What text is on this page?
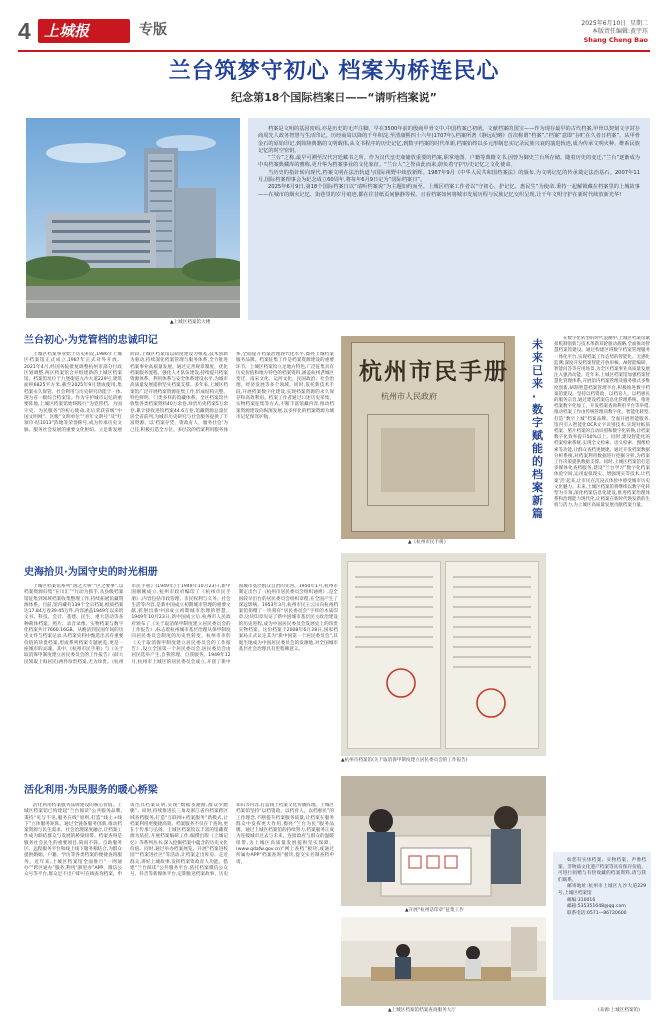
4 上城报	专版	2025年6月10日 星期二
本版责任编辑:黄宇珏
Shang Cheng Bao
兰台筑梦守初心 档案为桥连民心
纪念第18个国际档案日——“请听档案说”
▲上城区档案馆大楼

档案是文明的基因密码,亦是历史的无声注脚。早在3500年前的殷商甲骨文中,中国档案已初萌。文献档案的国宝——作为现存最早的古代档案,甲骨以契刻文字封存商周先人政务智慧与生活印记。历经商周以降的千年积淀,至清康熙四十六年(1707年),档案所著《静远纪略》首次称谓“档案”,“档案”意即“存贮在久者日档案”。从甲骨金石的原始印记,到简牍典籍的文明载体,从文书程序的历史记忆,到数字档案的时代革新,档案始终以多元形制忠实记录民族兴衰的演进轨迹,成为传承文明火种、维系民族记忆的时空密钥。

“兰台”之称,最早可溯至汉代宫廷藏书之所。作为汉代皇史宬储放重要的档案,职掌地图、户籍等典籍文书,因曾为御史兰台所存储。随着历史的变迁,“兰台”逐渐成为中央档案典藏库的雅称,更升华为档案事业的文化象征。“兰台人”之誉由此而来,蔚负着守护历史记忆之文化使命。

当历史的指针转向现代,档案文明在法治轨道与国际视野中续放新辉。1987年9月《中华人民共和国档案法》的颁布,为文明记忆的传承奠定法治基石。2007年11月,国际档案理事会为纪念成立60周年,将每年6月9日定为“国际档案日”。

2025年6月9日,第18个国际档案日以“请听档案说”为主题如约而至。上城区档案工作者以“守初心、护记忆、惠民生”为使命,秉持一起解锁藏在档案里的上城故事——在城市的烟火记忆、街巷里的岁月痕迹,都在往昔纸页间静静等候。且看档案如何将城市发展历程与民族记忆交织呈现,让千年文明守护在新时代续放新光华!

兰台初心·为党管档的忠诚印记

上城区档案事业始于历史积淀,1986年上城区档案馆正式成立,1987年正式对外开放。2021年4月,经国务院批复调整杭州市部分行政区划调整,两区档案馆合并组建新的上城区档案馆。档案馆址位于九堡街道九沙大道229号,建筑面积6825平方米,截至2025年9月建成使用,集档案永久保管、社会利用与历史研究功能于一体,现为省一级综合档案馆。作为守护城市记忆的重要阵地,上城区档案馆始终践行“为党管档、为国守史、为民服务”的初心使命,先后荣获省级“中国文明网”、区级“文明单位”“青年文明号”及“红领巾·结1013”阵地等荣誉称号,成为传承历史文脉、服务社会发展的重要文化枢纽。立足新发展阶段,上城区档案馆以制度建设为根基,技术创新为驱动,持续深化档案管理与服务体系,全力推进档案事业高质量发展。通过完善规章制度、优化档案服务流程、强化人才队伍建设,持续提升档案资源体系、利用体系与安全体系建设水平,为城市高质量发展提供坚实档案支撑。多年来,上城区档案馆广泛开展档案资源征集工作,形成结构完整、特色鲜明、门类多样的馆藏体系。全区档案馆共收集各类档案资料40万余卷,珍贵历史档案5万余卷,累计接收进馆档案44.6万卷,馆藏资源总量位居全省前列,为城市历史研究与社会服务提供了丰富资源。以‘档案存凭、资政育人、服务社会’为己任,积极打造全方位、多层次的档案利用服务体系,全面提升档案治理现代化水平,擦亮上城档案服务品牌。档案征集工作是档案资源建设的重要环节。上城区档案馆立足地方特色,广泛征集具有历史价值和地方特色的档案资料,涵盖杭州老城区变迁、南宋文化、运河文化、民国政治、社会治理、经济发展等多个领域。同时,依托新技术手段,开展档案数字化建设,实现档案资源的永久保存和高效利用。档案工作者通过口述历史采集、实物档案征集等方式,不断丰富馆藏内容,推动档案资源建设向纵深发展,以多样化的档案资源为城市记忆保驾护航。

杭州市民手册
杭州市人民政府
▲《杭州市民手册》
未来已来·数字赋能的档案新篇

在数字化转型的时代浪潮中,上城区档案馆紧扣机制创新与技术革新双轮驱动战略,全面推动智慧档案馆建设。通过构建区域数字档案管理服务一体化平台,实现档案工作态势的智能化、无感化监测;深度开发档案智能开放审核、AI智能编研、智能问答等应用场景,为全区档案事业高质量发展注入强劲动能。近年来,上城区档案馆加强档案智慧化管理体系,开展馆内档案管理及服务模式多维度创新,研制智慧档案管理平台,积极推进数字档案馆建设。坚持以档资政、以档育人、以档惠民的服务宗旨,通过建设档案信息化管理系统、推进档案数字化加工、开发档案查询利用平台等举措,推动档案工作由传统管理向数字化、智能化转型,打造“数字上城”档案品牌。全面开展智能服务,馆内引入智能化OCR文字识别技术,实现对纸质档案、照片档案的自动识别和数字化转换,让档案数字化效率提升50%以上。同时,建设智能化的档案检索系统,实现全文检索、语义检索、图像检索等功能,让群众查档更便捷。通过开发档案数据分析系统,对档案利用数据进行挖掘分析,为档案工作决策提供数据支撑。同时,上城区档案馆打造多媒体化查档服务,建设“兰台学习”数字化档案体验空间,运用虚拟现实、增强现实等技术,让档案‘活’起来,让市民在沉浸式体验中感受城市历史文化魅力。未来,上城区档案馆将继续以数字化转型为引领,深化档案信息化建设,推进档案治理体系和治理能力现代化,让档案在新时代焕发新的生机与活力,为上城区高质量发展贡献档案力量。

史海拾贝·为国守史的时光相册

上城区档案馆系列“国之大事”“区之要事”,以档案资源归集“在川汇”“行动为抓手,从县级档案馆征集到领域档案收集整理工作,持续拓展馆藏资源体系。目前,馆内藏有139个全宗档案,纸质档案达17.84万卷39.45万件,内容涵盖1949年以来的文书、科技、会计、基建、民生、重大活动等多种载体档案。照片、录音录像、实物档案与数字化档案共计7660.16GB。从晚清到民国年间的历史文件与档案记录,从档案史料中甄选出具有重要价值的珍贵档案,形成系列档案专题展览,更是一座城市的灵魂。其中,《杭州市民手册》与《关于取消保甲制度建立居民委员会的工作报告》(薛大民领取上海居民)两件珍贵档案,尤为珍贵。《杭州市民手册》(1949年)于1949年10月23日,新中国刚刚成立,杭州市政府编印了《杭州市民手册》,内容包括市政管理、市民权利与义务、社会生活等内容,是新中国成立初期城市管理的重要文献,折射出新中国成立初期城市治理的智慧。1949年10月23日,新中国成立后,杭州市人民政府颁布了《关于取消保甲制度建立居民委员会的工作报告》,标志着杭州城市基层治理从保甲制度向居民委员会制度的历史性转变。杭州市市的《关于取消保甲制度建立居民委员会的工作报告》,设立全国第一个居民委员会,居民委员会由居民选举产生,自我管理、自我服务。1949年12月,杭州市上城区的居民委员会成立,开创了新中国城市基层群众自治的先河。1950年1月,杭州市制定出台了《杭州市居民委员会组织通则》,是全国较早出台的居民委员会组织章程,在全国产生了深远影响。1953年3月,杭州市民王云川向杭州档案馆捐赠了一块刻有“居民委员会”字样的木质印章,这块印章见证了新中国城市基层民主政治建设的历史进程,成为中国居民委员会发展史上的珍贵实物档案。这份档案于2008年6月28日,国家档案局正式认定其为“新中国第一个居民委员会”,其诞生地成为中国居民委员会的发源地,对全国城市基层社会治理具有里程碑意义。

▲杭州市档案馆(关于取消保甲制度建立居民委员会的工作报告)
活化利用·为民服务的暖心桥梁

活化利用档案服务品牌建设的核心价值。上城区档案馆已构建起“兰台阅读”公共服务品牌,秉持“见与不见,服务在线”原则,打造“线上+线下”立体服务矩阵。通过全链条服务创新,推动档案资源与民生需求、社会治理深度融合,让档案工作成为联结群众与发展的桥梁纽带。档案查询是服务社会民生的重要项目,简而不简。自助服务区、远程服务平台和线上线下服务相结合,为群众提供婚姻、户籍、学历等各类档案的便捷查询服务。近年来,上城区档案馆全面推行“一网通办”“跨区通办”服务,利用“浙里办”APP、微信公众号等平台,群众足不出户即可在线查询档案、申请出具档案证明,实现“数据多跑路,群众少跑腿”。同时,持续推进长三角及浙江省内档案跨区域查档服务,打造“互联网+档案服务”新模式,让档案利用更便捷高效。档案服务不仅在于查询,更在于传承与弘扬。上城区档案馆以丰富的馆藏资源为依托,开展档案编研工作,编撰出版《上城记忆》等系列丛书,深入挖掘档案中蕴含的历史文化价值。同时,通过举办档案展览、开展“档案进校园”“档案进社区”等活动,让档案走出库房、走近群众,讲好上城故事,发挥档案资政育人功能。搭建“兰台阅读”公共服务平台,依托档案微信公众号、抖音等新媒体平台,定期推送档案故事、历史知识等内容,打造线上档案文化传播阵地。上城区档案馆坚持“以档资政、以档育人、以档惠民”的工作理念,不断提升档案服务质量,让档案在服务群众中发挥更大作用,擦亮“兰台为民”服务品牌。通过上城区档案馆的持续努力,档案服务正成为连接城市过去与未来、连接政府与群众的温暖纽带,为上城区高质量发展提供坚实保障。(www.qdafw.gov.cn)“网上查档”板块,或通过所属办APP“档案查询”板块,提交实名制查档申请。

▲开展“杭州话印章”征集工作
▲上城区档案馆档案查询服务大厅

如您有实体档案、实物档案、声像档案、非物质文化遗产档案等具有保存价值、可进行捐赠与有偿收藏的档案资料,请与我们联系。

邮寄地址:杭州市上城区九沙大道229号,上城区档案馆

邮编:310016

邮箱:535351648@qq.com

联系电话:0571—86720600

(来源:上城区档案馆)
